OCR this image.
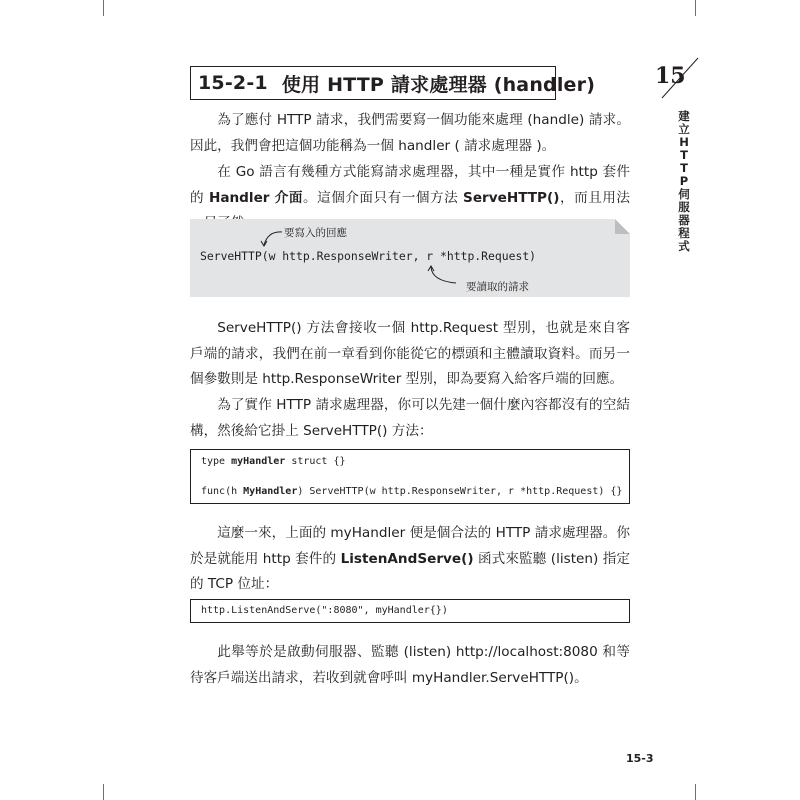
15-2-1 使用 HTTP 請求處理器 (handler)

為了應付 HTTP 請求，我們需要寫一個功能來處理 (handle) 請求。因此，我們會把這個功能稱為一個 handler ( 請求處理器 )。

在 Go 語言有幾種方式能寫請求處理器，其中一種是實作 http 套件的 Handler 介面。這個介面只有一個方法 ServeHTTP()，而且用法

要寫入的回應
ServeHTTP(w http.ResponseWriter, r *http.Request)
要讀取的請求

ServeHTTP() 方法會接收一個 http.Request 型別，也就是來自客戶端的請求，我們在前一章看到你能從它的標頭和主體讀取資料。而另一個參數則是 http.ResponseWriter 型別，即為要寫入給客戶端的回應。

為了實作 HTTP 請求處理器，你可以先建一個什麼內容都沒有的空結構，然後給它掛上 ServeHTTP() 方法：

type myHandler struct {}
func(h MyHandler) ServeHTTP(w http.ResponseWriter, r *http.Request) {}

這麼一來，上面的 myHandler 便是個合法的 HTTP 請求處理器。你於是就能用 http 套件的 ListenAndServe() 函式來監聽 (listen) 指定的 TCP 位址：

http.ListenAndServe(":8080", myHandler{})

此舉等於是啟動伺服器、監聽 (listen) http://localhost:8080 和等待客戶端送出請求，若收到就會呼叫 myHandler.ServeHTTP()。

15
建立HTTP伺服器程式
15-3
